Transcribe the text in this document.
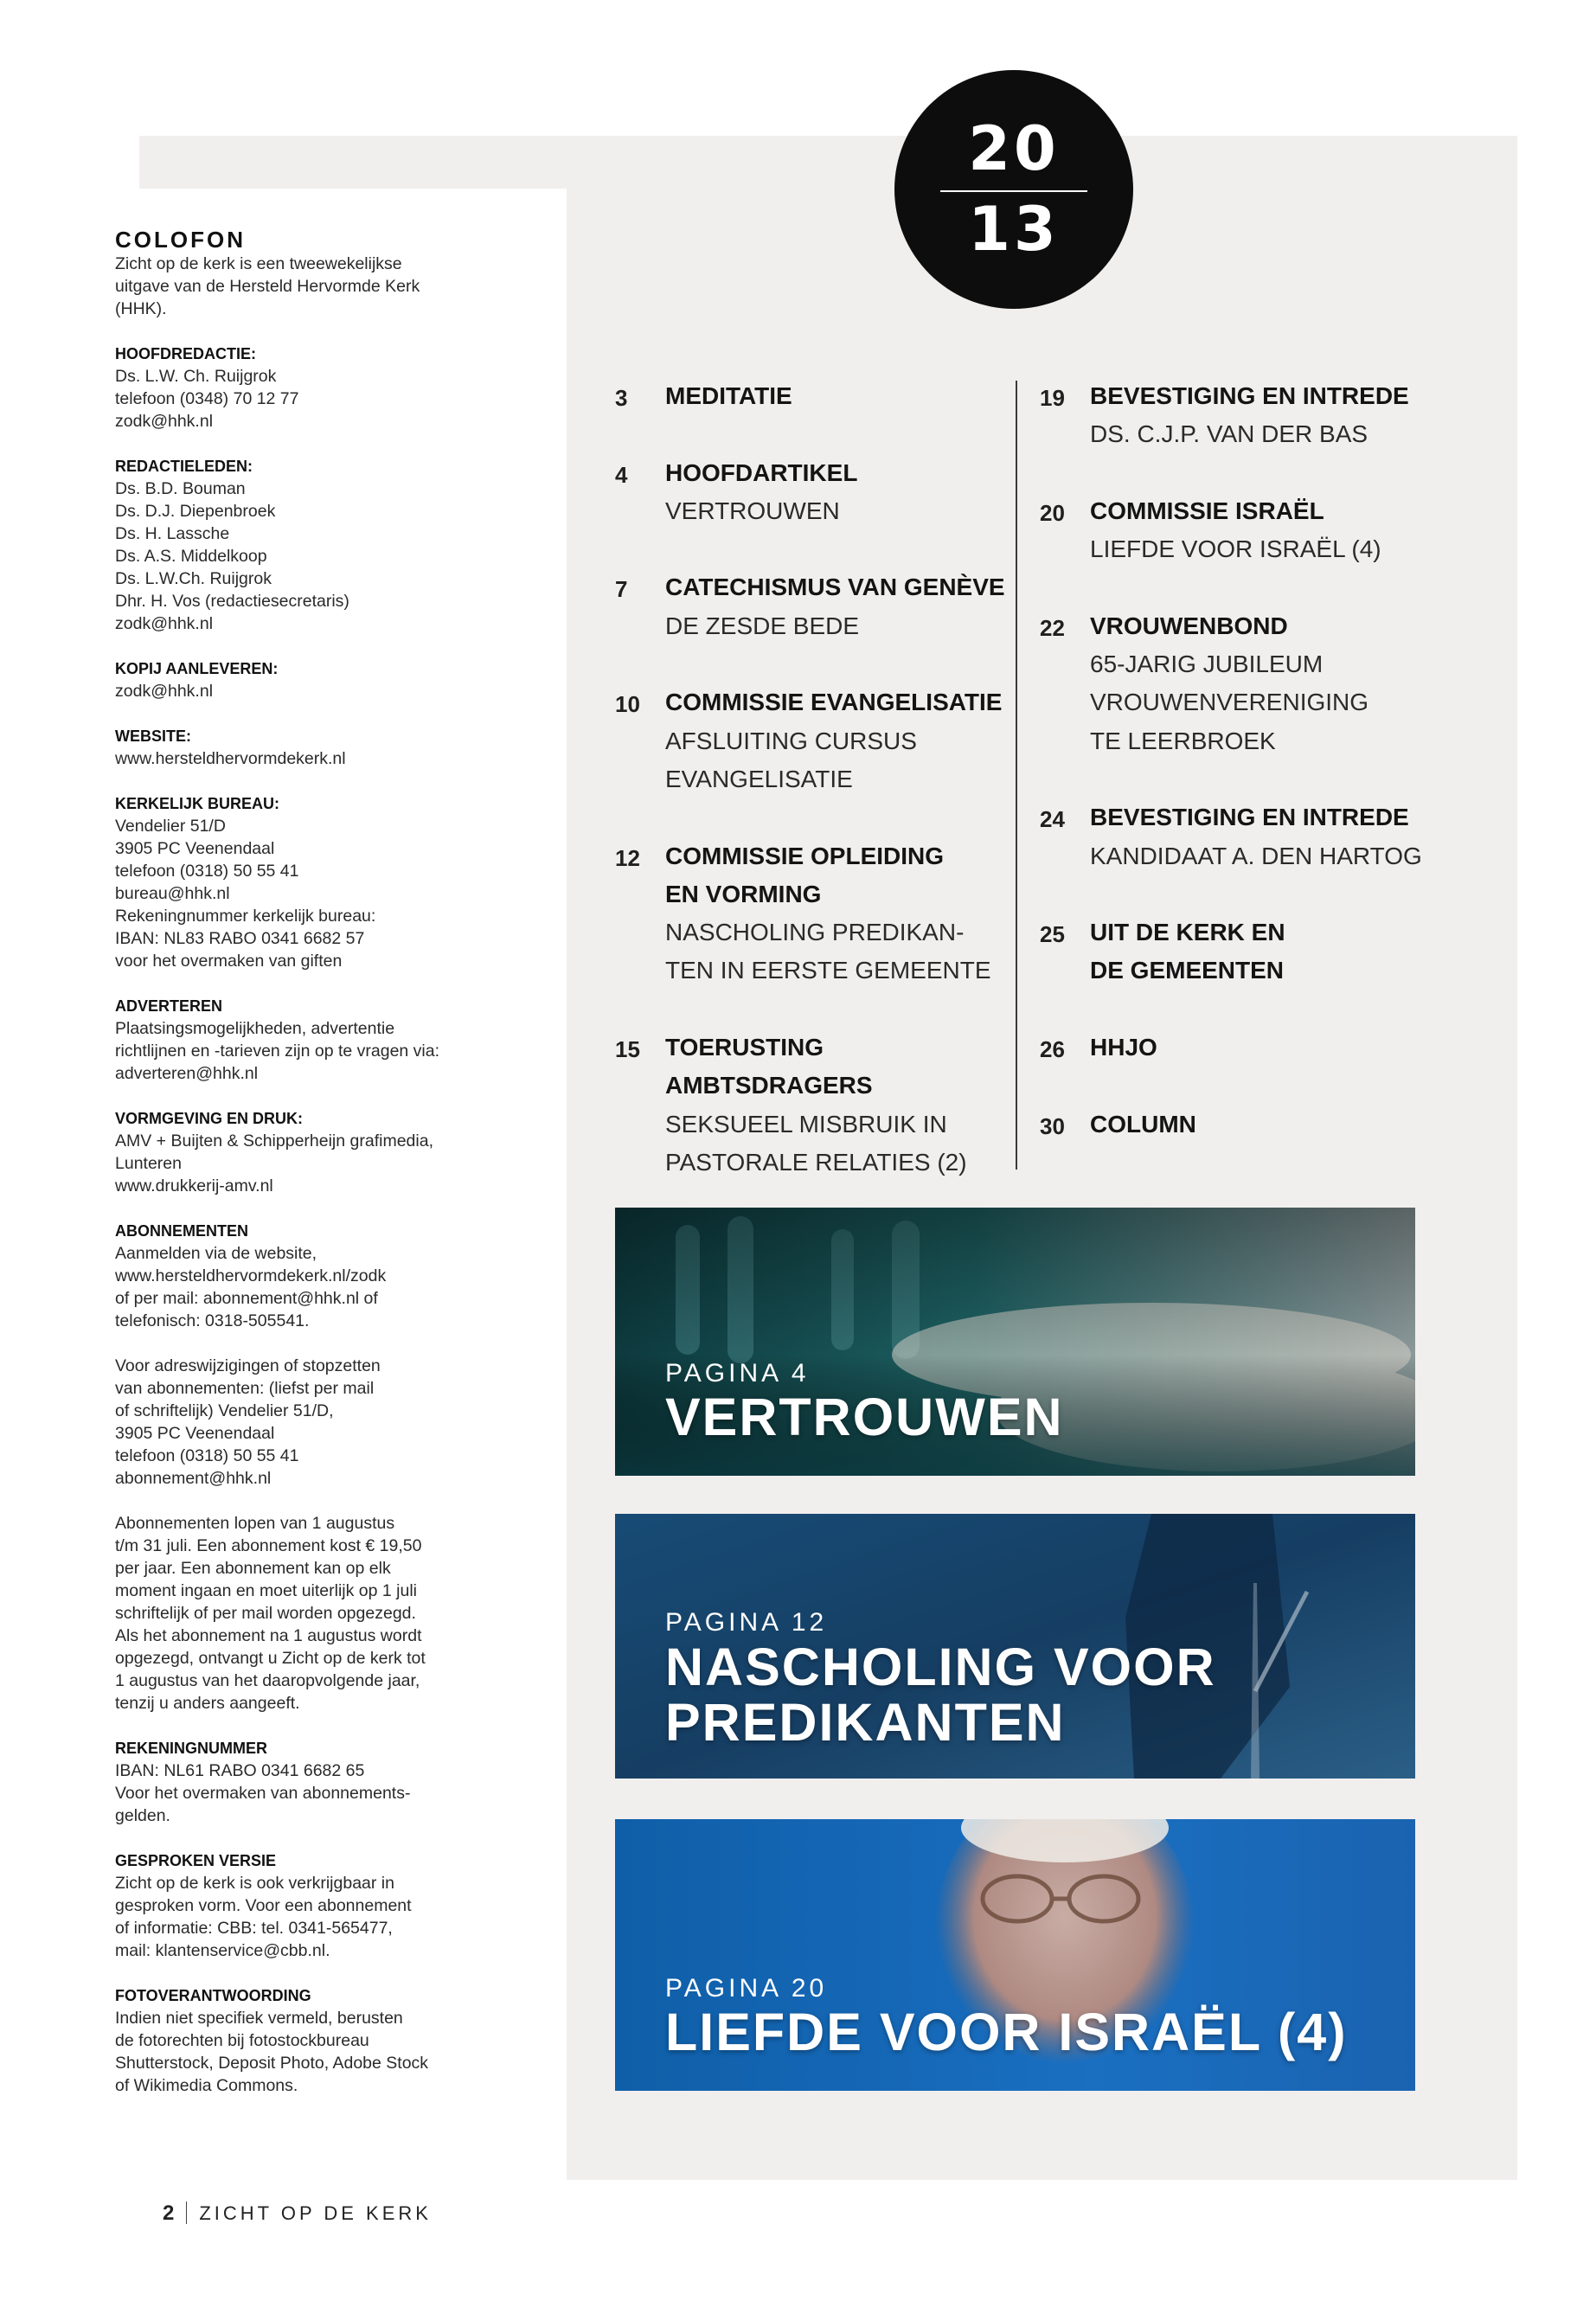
20
13
COLOFON
Zicht op de kerk is een tweewekelijkse
uitgave van de Hersteld Hervormde Kerk
(HHK).
HOOFDREDACTIE:
Ds. L.W. Ch. Ruijgrok
telefoon (0348) 70 12 77
zodk@hhk.nl
REDACTIELEDEN:
Ds. B.D. Bouman
Ds. D.J. Diepenbroek
Ds. H. Lassche
Ds. A.S. Middelkoop
Ds. L.W.Ch. Ruijgrok
Dhr. H. Vos (redactiesecretaris)
zodk@hhk.nl
KOPIJ AANLEVEREN:
zodk@hhk.nl
WEBSITE:
www.hersteldhervormdekerk.nl
KERKELIJK BUREAU:
Vendelier 51/D
3905 PC Veenendaal
telefoon (0318) 50 55 41
bureau@hhk.nl
Rekeningnummer kerkelijk bureau:
IBAN: NL83 RABO 0341 6682 57
voor het overmaken van giften
ADVERTEREN
Plaatsingsmogelijkheden, advertentie
richtlijnen en -tarieven zijn op te vragen via:
adverteren@hhk.nl
VORMGEVING EN DRUK:
AMV + Buijten & Schipperheijn grafimedia,
Lunteren
www.drukkerij-amv.nl
ABONNEMENTEN
Aanmelden via de website,
www.hersteldhervormdekerk.nl/zodk
of per mail: abonnement@hhk.nl of
telefonisch: 0318-505541.
Voor adreswijzigingen of stopzetten
van abonnementen: (liefst per mail
of schriftelijk) Vendelier 51/D,
3905 PC Veenendaal
telefoon (0318) 50 55 41
abonnement@hhk.nl
Abonnementen lopen van 1 augustus
t/m 31 juli. Een abonnement kost € 19,50
per jaar. Een abonnement kan op elk
moment ingaan en moet uiterlijk op 1 juli
schriftelijk of per mail worden opgezegd.
Als het abonnement na 1 augustus wordt
opgezegd, ontvangt u Zicht op de kerk tot
1 augustus van het daaropvolgende jaar,
tenzij u anders aangeeft.
REKENINGNUMMER
IBAN: NL61 RABO 0341 6682 65
Voor het overmaken van abonnements-
gelden.
GESPROKEN VERSIE
Zicht op de kerk is ook verkrijgbaar in
gesproken vorm. Voor een abonnement
of informatie: CBB: tel. 0341-565477,
mail: klantenservice@cbb.nl.
FOTOVERANTWOORDING
Indien niet specifiek vermeld, berusten
de fotorechten bij fotostockbureau
Shutterstock, Deposit Photo, Adobe Stock
of Wikimedia Commons.
3 MEDITATIE
4 HOOFDARTIKEL
VERTROUWEN
7 CATECHISMUS VAN GENÈVE
DE ZESDE BEDE
10 COMMISSIE EVANGELISATIE
AFSLUITING CURSUS
EVANGELISATIE
12 COMMISSIE OPLEIDING
EN VORMING
NASCHOLING PREDIKAN-
TEN IN EERSTE GEMEENTE
15 TOERUSTING
AMBTSDRAGERS
SEKSUEEL MISBRUIK IN
PASTORALE RELATIES (2)
19 BEVESTIGING EN INTREDE
DS. C.J.P. VAN DER BAS
20 COMMISSIE ISRAËL
LIEFDE VOOR ISRAËL (4)
22 VROUWENBOND
65-JARIG JUBILEUM
VROUWENVERENIGING
TE LEERBROEK
24 BEVESTIGING EN INTREDE
KANDIDAAT A. DEN HARTOG
25 UIT DE KERK EN
DE GEMEENTEN
26 HHJO
30 COLUMN
PAGINA 4
VERTROUWEN
PAGINA 12
NASCHOLING VOOR
PREDIKANTEN
PAGINA 20
LIEFDE VOOR ISRAËL (4)
2 ZICHT OP DE KERK
